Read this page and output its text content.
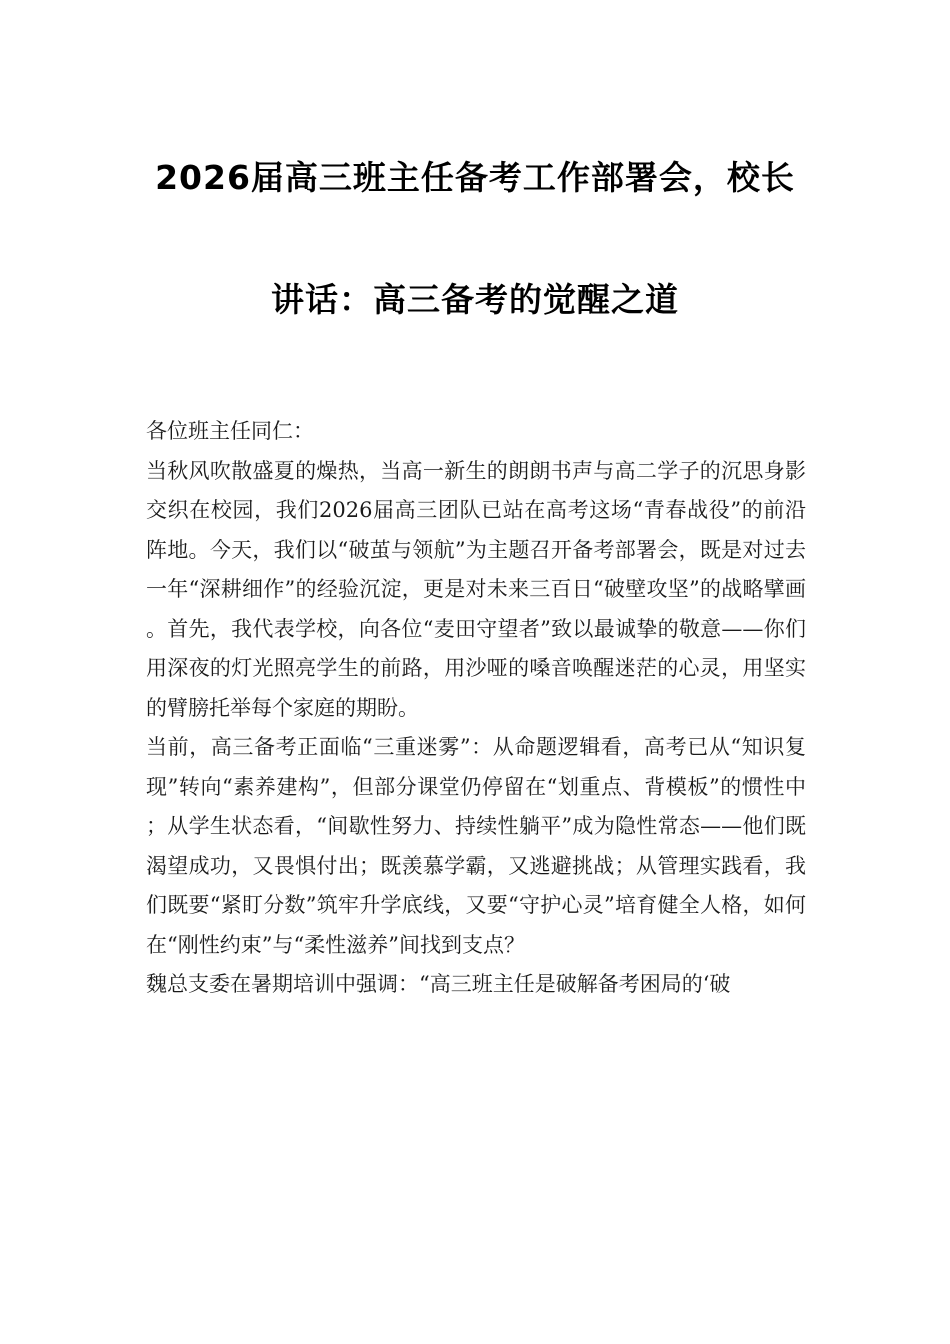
2026届高三班主任备考工作部署会，校长
讲话：高三备考的觉醒之道

各位班主任同仁：

当秋风吹散盛夏的燥热，当高一新生的朗朗书声与高二学子的沉思身影交织在校园，我们2026届高三团队已站在高考这场“青春战役”的前沿阵地。今天，我们以“破茧与领航”为主题召开备考部署会，既是对过去一年“深耕细作”的经验沉淀，更是对未来三百日“破壁攻坚”的战略擘画。首先，我代表学校，向各位“麦田守望者”致以最诚挚的敬意——你们用深夜的灯光照亮学生的前路，用沙哑的嗓音唤醒迷茫的心灵，用坚实的臂膀托举每个家庭的期盼。

当前，高三备考正面临“三重迷雾”：从命题逻辑看，高考已从“知识复现”转向“素养建构”，但部分课堂仍停留在“划重点、背模板”的惯性中；从学生状态看，“间歇性努力、持续性躺平”成为隐性常态——他们既渴望成功，又畏惧付出；既羡慕学霸，又逃避挑战；从管理实践看，我们既要“紧盯分数”筑牢升学底线，又要“守护心灵”培育健全人格，如何在“刚性约束”与“柔性滋养”间找到支点？

魏总支委在暑期培训中强调：“高三班主任是破解备考困局的‘破
